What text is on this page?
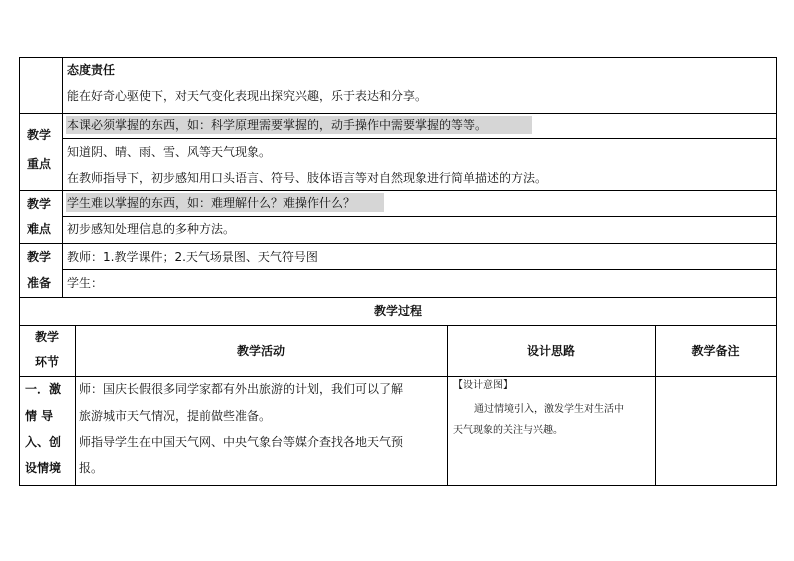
态度责任
能在好奇心驱使下，对天气变化表现出探究兴趣，乐于表达和分享。
教学
重点
本课必须掌握的东西，如：科学原理需要掌握的，动手操作中需要掌握的等等。
知道阴、晴、雨、雪、风等天气现象。
在教师指导下，初步感知用口头语言、符号、肢体语言等对自然现象进行简单描述的方法。
教学
难点
学生难以掌握的东西，如：难理解什么？难操作什么？
初步感知处理信息的多种方法。
教学
准备
教师：1.教学课件；2.天气场景图、天气符号图
学生：
教学过程
教学
环节
教学活动	设计思路	教学备注
一．激
情 导
入、创
设情境
师：国庆长假很多同学家都有外出旅游的计划，我们可以了解
旅游城市天气情况，提前做些准备。
师指导学生在中国天气网、中央气象台等媒介查找各地天气预
报。
【设计意图】
通过情境引入，激发学生对生活中
天气现象的关注与兴趣。
